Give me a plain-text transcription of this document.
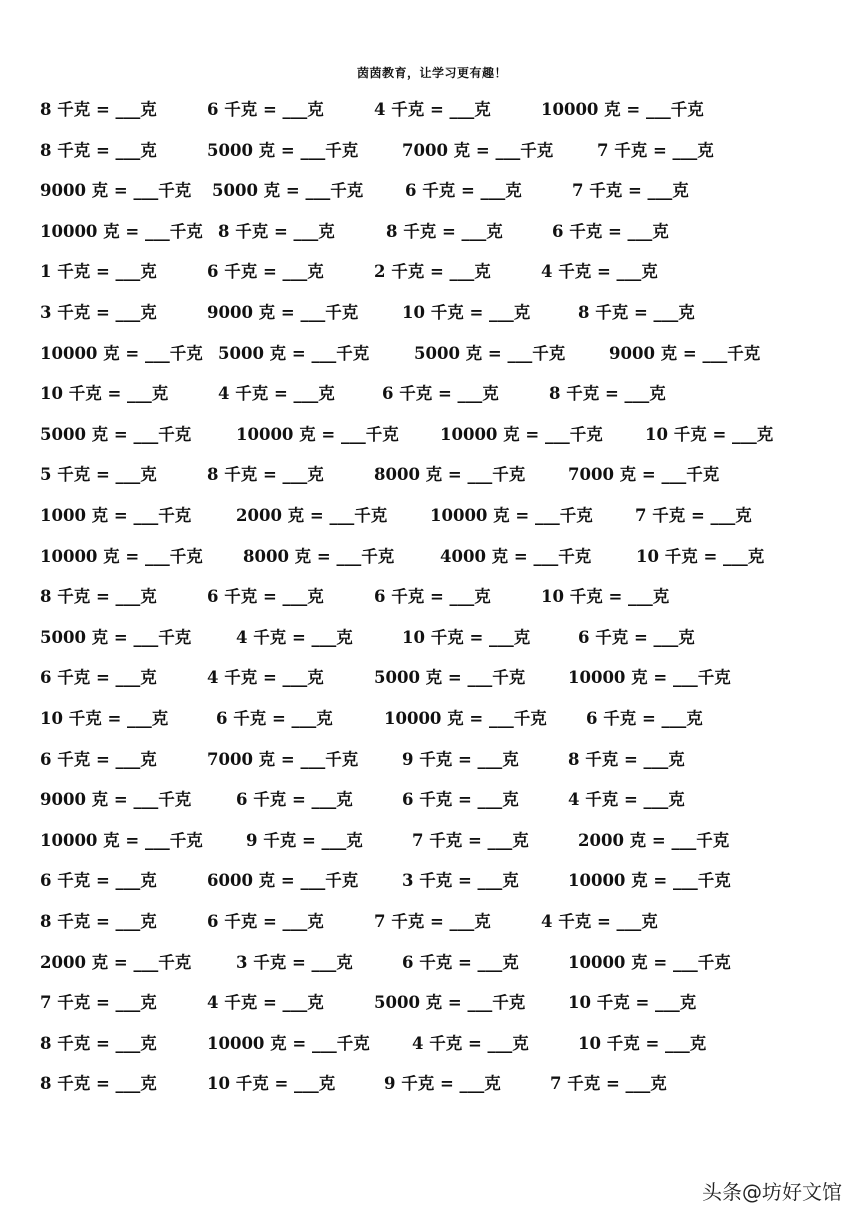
茵茵教育，让学习更有趣！
8 千克 = ___克	6 千克 = ___克	4 千克 = ___克	10000 克 = ___千克
8 千克 = ___克	5000 克 = ___千克	7000 克 = ___千克	7 千克 = ___克
9000 克 = ___千克 5000 克 = ___千克	6 千克 = ___克	7 千克 = ___克
10000 克 = ___千克 8 千克 = ___克	8 千克 = ___克	6 千克 = ___克
1 千克 = ___克	6 千克 = ___克	2 千克 = ___克	4 千克 = ___克
3 千克 = ___克	9000 克 = ___千克	10 千克 = ___克	8 千克 = ___克
10000 克 = ___千克 5000 克 = ___千克	5000 克 = ___千克	9000 克 = ___千克
10 千克 = ___克	4 千克 = ___克	6 千克 = ___克	8 千克 = ___克
5000 克 = ___千克	10000 克 = ___千克	10000 克 = ___千克	10 千克 = ___克
5 千克 = ___克	8 千克 = ___克	8000 克 = ___千克	7000 克 = ___千克
1000 克 = ___千克	2000 克 = ___千克	10000 克 = ___千克	7 千克 = ___克
10000 克 = ___千克 8000 克 = ___千克	4000 克 = ___千克	10 千克 = ___克
8 千克 = ___克	6 千克 = ___克	6 千克 = ___克	10 千克 = ___克
5000 克 = ___千克	4 千克 = ___克	10 千克 = ___克	6 千克 = ___克
6 千克 = ___克	4 千克 = ___克	5000 克 = ___千克	10000 克 = ___千克
10 千克 = ___克	6 千克 = ___克	10000 克 = ___千克 6 千克 = ___克
6 千克 = ___克	7000 克 = ___千克	9 千克 = ___克	8 千克 = ___克
9000 克 = ___千克	6 千克 = ___克	6 千克 = ___克	4 千克 = ___克
10000 克 = ___千克	9 千克 = ___克	7 千克 = ___克	2000 克 = ___千克
6 千克 = ___克	6000 克 = ___千克	3 千克 = ___克	10000 克 = ___千克
8 千克 = ___克	6 千克 = ___克	7 千克 = ___克	4 千克 = ___克
2000 克 = ___千克	3 千克 = ___克	6 千克 = ___克	10000 克 = ___千克
7 千克 = ___克	4 千克 = ___克	5000 克 = ___千克	10 千克 = ___克
8 千克 = ___克	10000 克 = ___千克	4 千克 = ___克	10 千克 = ___克
8 千克 = ___克	10 千克 = ___克	9 千克 = ___克	7 千克 = ___克
头条@坊好文馆
